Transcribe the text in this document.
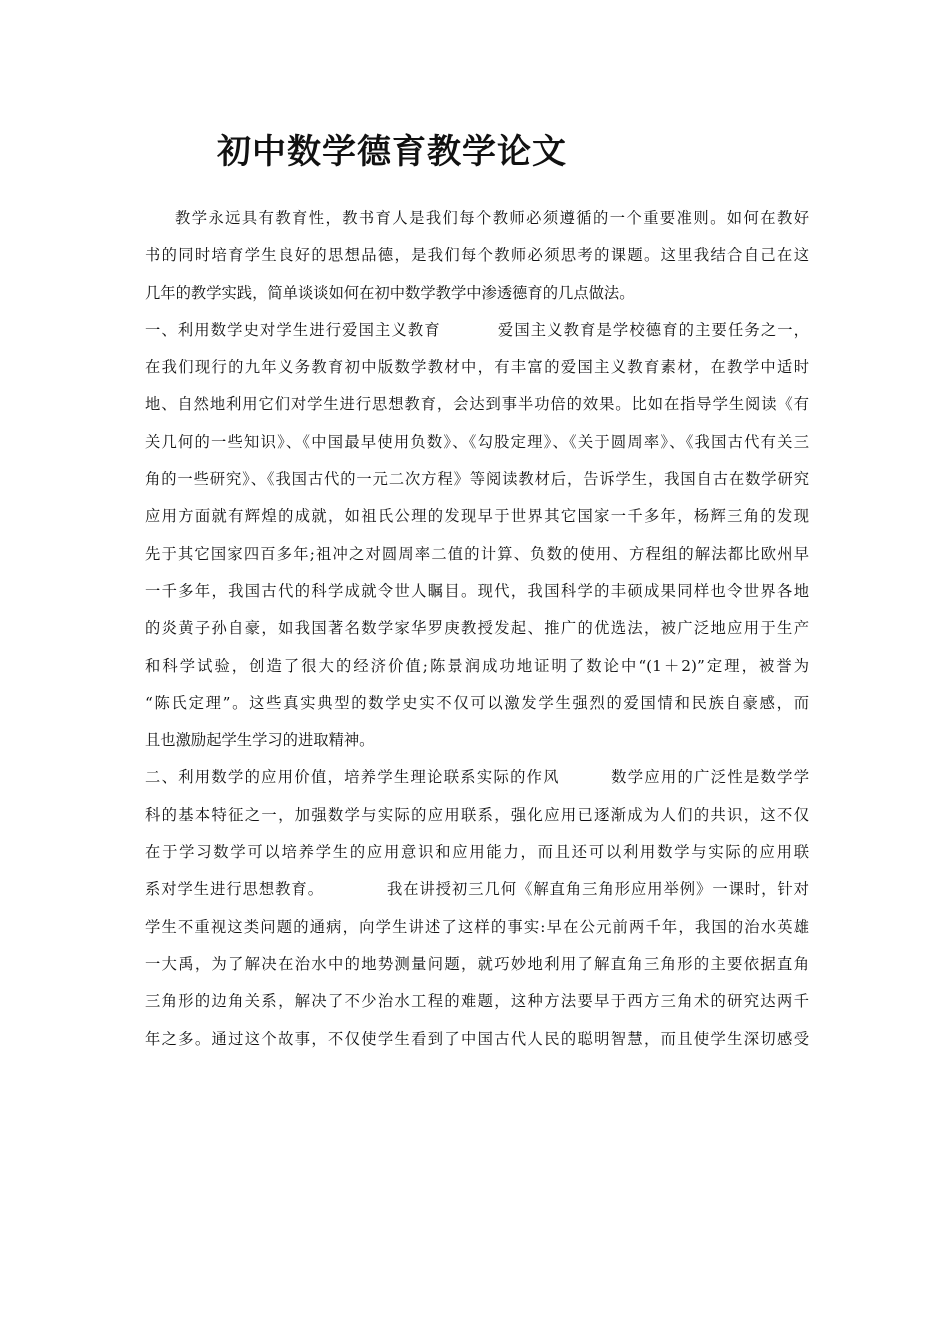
初中数学德育教学论文
教学永远具有教育性，教书育人是我们每个教师必须遵循的一个重要准则。如何在教好
书的同时培育学生良好的思想品德，是我们每个教师必须思考的课题。这里我结合自己在这
几年的教学实践，简单谈谈如何在初中数学教学中渗透德育的几点做法。
一、利用数学史对学生进行爱国主义教育	爱国主义教育是学校德育的主要任务之一，
在我们现行的九年义务教育初中版数学教材中，有丰富的爱国主义教育素材，在教学中适时
地、自然地利用它们对学生进行思想教育，会达到事半功倍的效果。比如在指导学生阅读《有
关几何的一些知识》、《中国最早使用负数》、《勾股定理》、《关于圆周率》、《我国古代有关三
角的一些研究》、《我国古代的一元二次方程》等阅读教材后，告诉学生，我国自古在数学研究
应用方面就有辉煌的成就，如祖氏公理的发现早于世界其它国家一千多年，杨辉三角的发现
先于其它国家四百多年;祖冲之对圆周率二值的计算、负数的使用、方程组的解法都比欧州早
一千多年，我国古代的科学成就令世人瞩目。现代，我国科学的丰硕成果同样也令世界各地
的炎黄子孙自豪，如我国著名数学家华罗庚教授发起、推广的优选法，被广泛地应用于生产
和科学试验，创造了很大的经济价值;陈景润成功地证明了数论中“(1＋2)”定理，被誉为
“陈氏定理”。这些真实典型的数学史实不仅可以激发学生强烈的爱国情和民族自豪感，而
且也激励起学生学习的进取精神。
二、利用数学的应用价值，培养学生理论联系实际的作风	数学应用的广泛性是数学学
科的基本特征之一，加强数学与实际的应用联系，强化应用已逐渐成为人们的共识，这不仅
在于学习数学可以培养学生的应用意识和应用能力，而且还可以利用数学与实际的应用联
系对学生进行思想教育。	我在讲授初三几何《解直角三角形应用举例》一课时，针对
学生不重视这类问题的通病，向学生讲述了这样的事实:早在公元前两千年，我国的治水英雄
一大禹，为了解决在治水中的地势测量问题，就巧妙地利用了解直角三角形的主要依据直角
三角形的边角关系，解决了不少治水工程的难题，这种方法要早于西方三角术的研究达两千
年之多。通过这个故事，不仅使学生看到了中国古代人民的聪明智慧，而且使学生深切感受
